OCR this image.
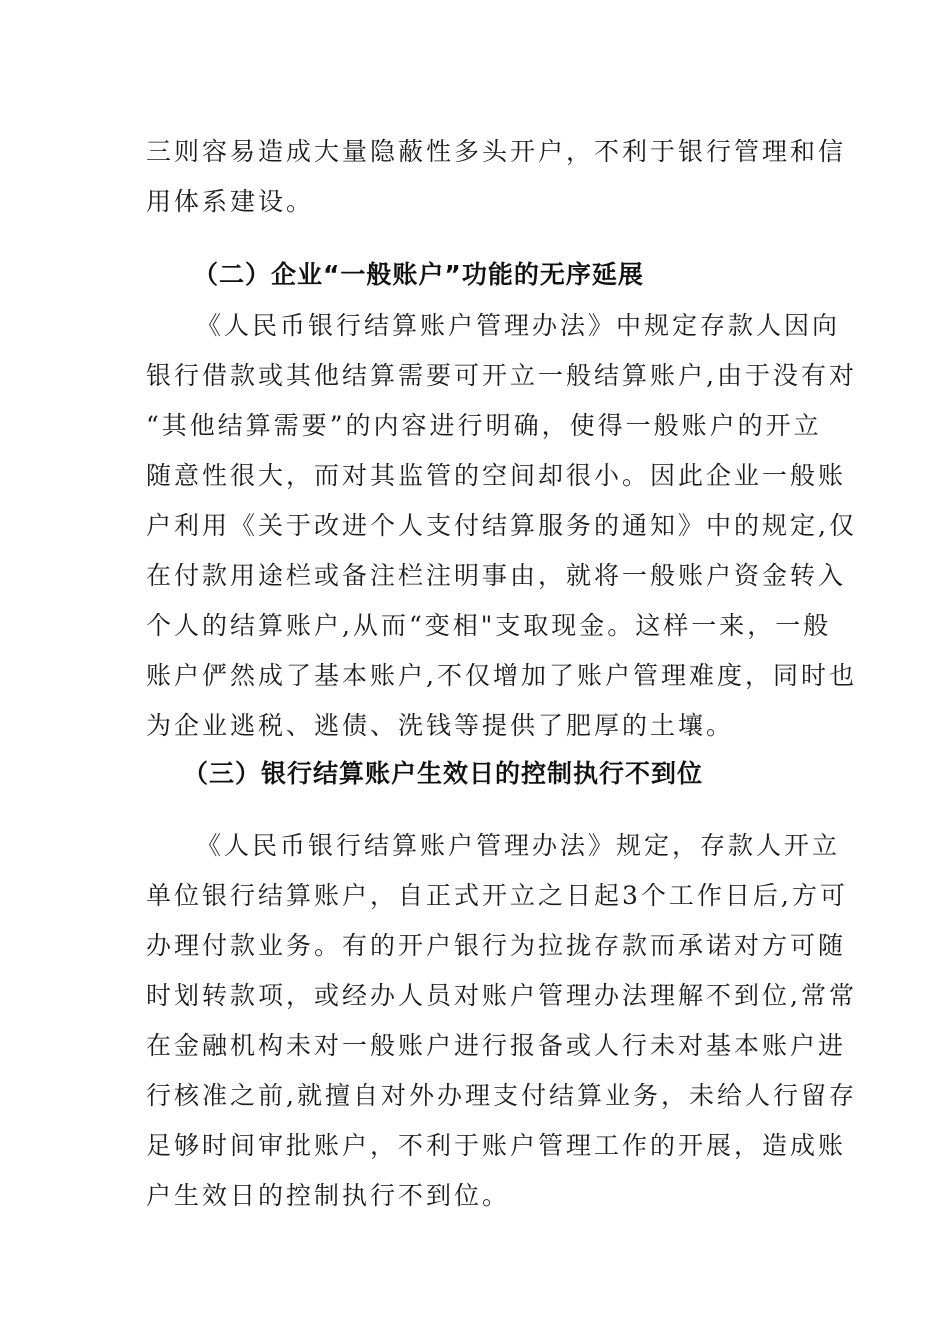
三则容易造成大量隐蔽性多头开户，不利于银行管理和信
用体系建设。
（二）企业“一般账户”功能的无序延展
《人民币银行结算账户管理办法》中规定存款人因向
银行借款或其他结算需要可开立一般结算账户,由于没有对
“其他结算需要”的内容进行明确，使得一般账户的开立
随意性很大，而对其监管的空间却很小。因此企业一般账
户利用《关于改进个人支付结算服务的通知》中的规定,仅
在付款用途栏或备注栏注明事由，就将一般账户资金转入
个人的结算账户,从而“变相"支取现金。这样一来，一般
账户俨然成了基本账户,不仅增加了账户管理难度，同时也
为企业逃税、逃债、洗钱等提供了肥厚的土壤。
（三）银行结算账户生效日的控制执行不到位
《人民币银行结算账户管理办法》规定，存款人开立
单位银行结算账户，自正式开立之日起3个工作日后,方可
办理付款业务。有的开户银行为拉拢存款而承诺对方可随
时划转款项，或经办人员对账户管理办法理解不到位,常常
在金融机构未对一般账户进行报备或人行未对基本账户进
行核准之前,就擅自对外办理支付结算业务，未给人行留存
足够时间审批账户，不利于账户管理工作的开展，造成账
户生效日的控制执行不到位。
